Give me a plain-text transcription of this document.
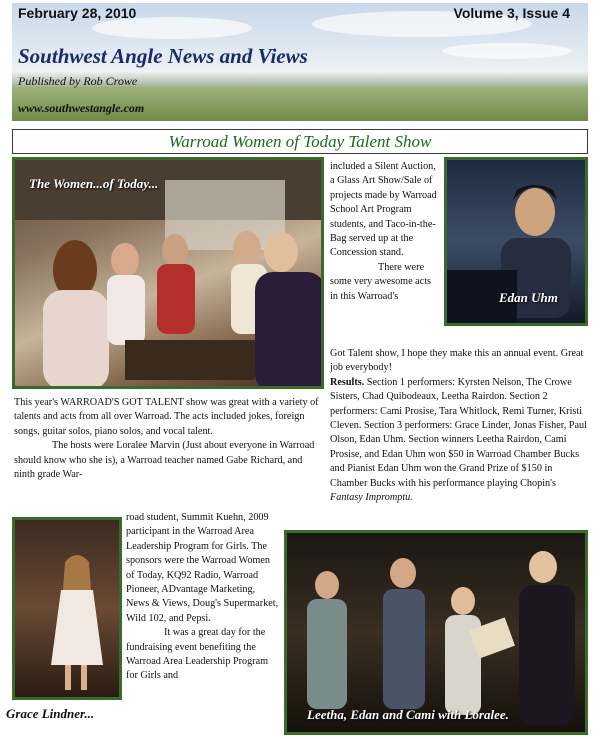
February 28, 2010	Volume 3, Issue 4
Southwest Angle News and Views
Published by Rob Crowe
www.southwestangle.com
Warroad Women of Today Talent Show
The Women...of Today...
Edan Uhm
Grace Lindner...	Leetha, Edan and Cami with Loralee.

included a Silent Auction, a Glass Art Show/Sale of projects made by Warroad School Art Program students, and Taco-in-the-Bag served up at the Concession stand.

There were

some very awesome acts in this Warroad's

Got Talent show, I hope they make this an annual event. Great job everybody!

Results. Section 1 performers: Kyrsten Nelson, The Crowe Sisters, Chad Quibodeaux, Leetha Rairdon. Section 2 performers: Cami Prosise, Tara Whitlock, Remi Turner, Kristi Cleven. Section 3 performers: Grace Linder, Jonas Fisher, Paul Olson, Edan Uhm. Section winners Leetha Rairdon, Cami Prosise, and Edan Uhm won $50 in Warroad Chamber Bucks and Pianist Edan Uhm won the Grand Prize of $150 in Chamber Bucks with his performance playing Chopin's Fantasy Impromptu.

This year's WARROAD'S GOT TALENT show was great with a variety of talents and acts from all over Warroad. The acts included jokes, foreign songs, guitar solos, piano solos, and vocal talent.

The hosts were Loralee Marvin (Just about everyone in Warroad should know who she is), a Warroad teacher named Gabe Richard, and ninth grade War-

road student, Summit Kuehn, 2009 participant in the Warroad Area Leadership Program for Girls. The sponsors were the Warroad Women of Today, KQ92 Radio, Warroad Pioneer, ADvantage Marketing, News & Views, Doug's Supermarket, Wild 102, and Pepsi.

It was a great day for the fundraising event benefiting the Warroad Area Leadership Program for Girls and
